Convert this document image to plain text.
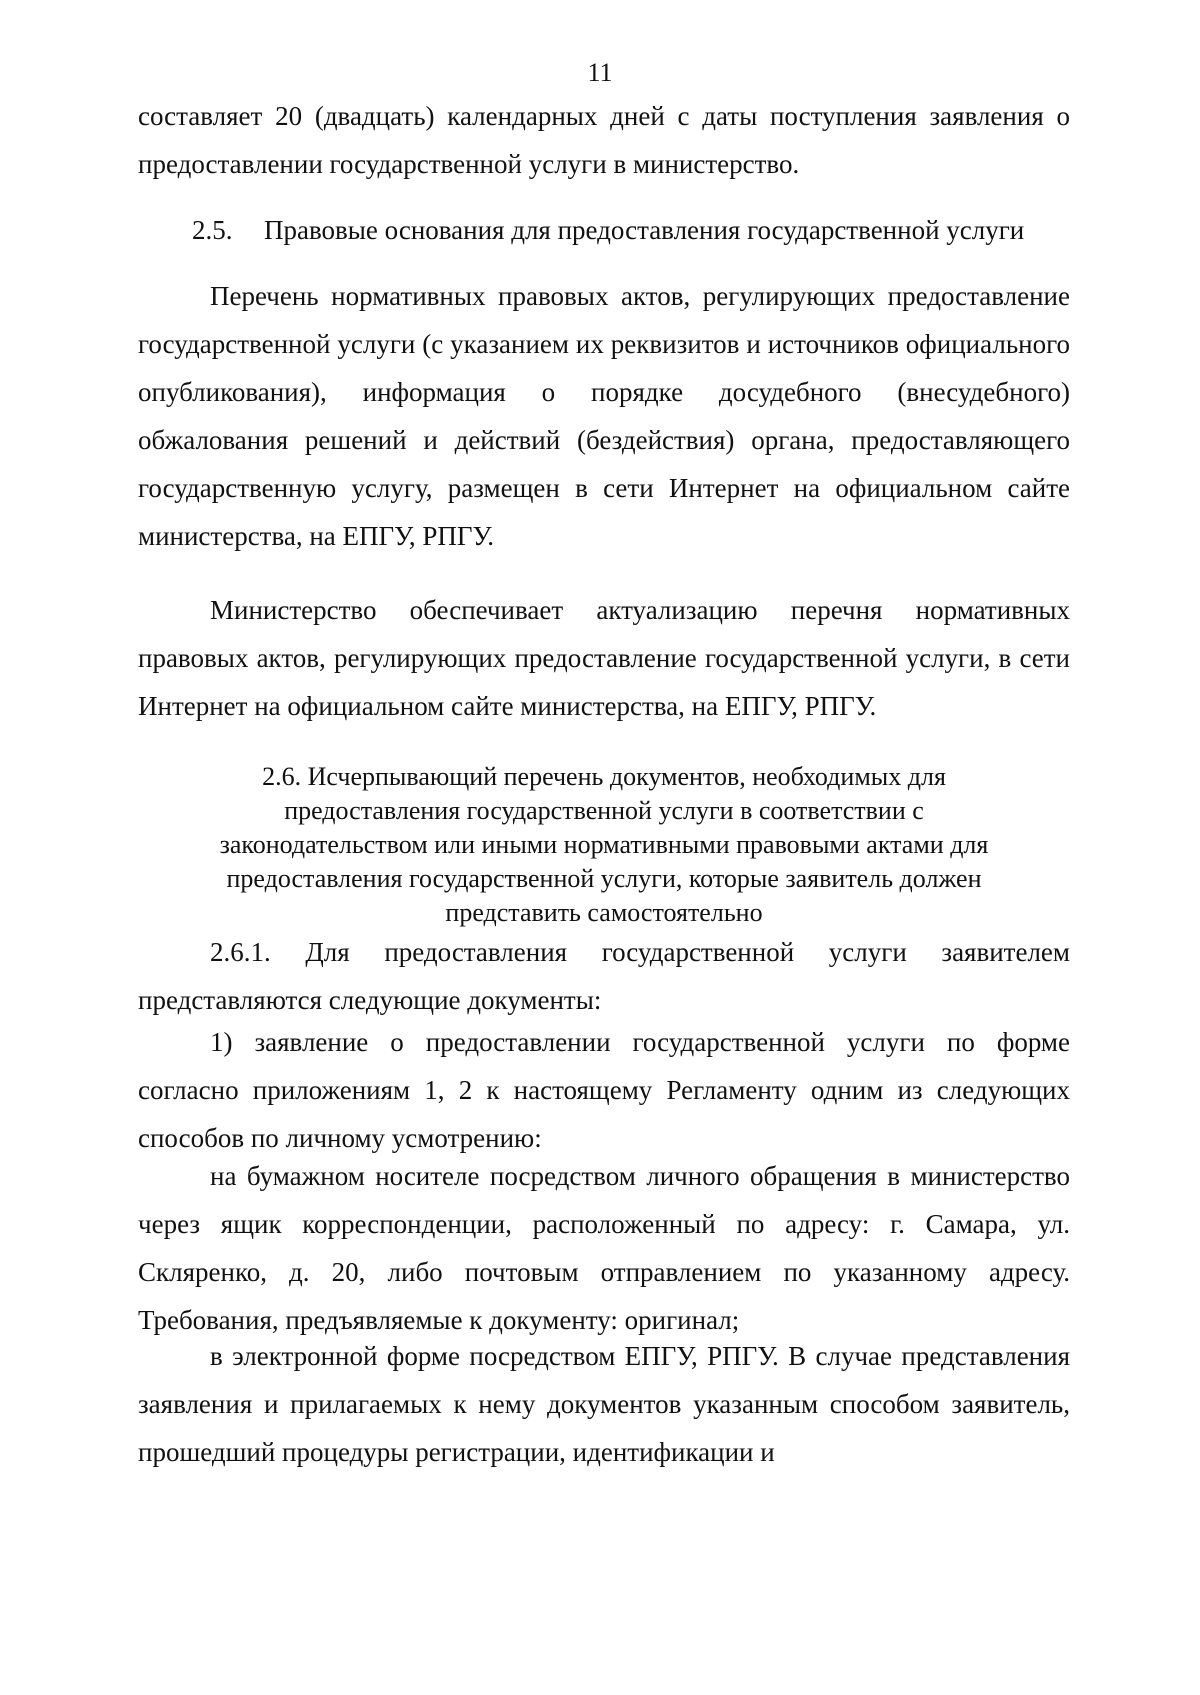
11

составляет 20 (двадцать) календарных дней с даты поступления заявления о предоставлении государственной услуги в министерство.

2.5. Правовые основания для предоставления государственной услуги

Перечень нормативных правовых актов, регулирующих предоставление государственной услуги (с указанием их реквизитов и источников официального опубликования), информация о порядке досудебного (внесудебного) обжалования решений и действий (бездействия) органа, предоставляющего государственную услугу, размещен в сети Интернет на официальном сайте министерства, на ЕПГУ, РПГУ.

Министерство обеспечивает актуализацию перечня нормативных правовых актов, регулирующих предоставление государственной услуги, в сети Интернет на официальном сайте министерства, на ЕПГУ, РПГУ.

2.6. Исчерпывающий перечень документов, необходимых для

предоставления государственной услуги в соответствии с

законодательством или иными нормативными правовыми актами для

предоставления государственной услуги, которые заявитель должен

представить самостоятельно

2.6.1. Для предоставления государственной услуги заявителем представляются следующие документы:

1) заявление о предоставлении государственной услуги по форме согласно приложениям 1, 2 к настоящему Регламенту одним из следующих способов по личному усмотрению:

на бумажном носителе посредством личного обращения в министерство через ящик корреспонденции, расположенный по адресу: г. Самара, ул. Скляренко, д. 20, либо почтовым отправлением по указанному адресу. Требования, предъявляемые к документу: оригинал;

в электронной форме посредством ЕПГУ, РПГУ. В случае представления заявления и прилагаемых к нему документов указанным способом заявитель, прошедший процедуры регистрации, идентификации и
